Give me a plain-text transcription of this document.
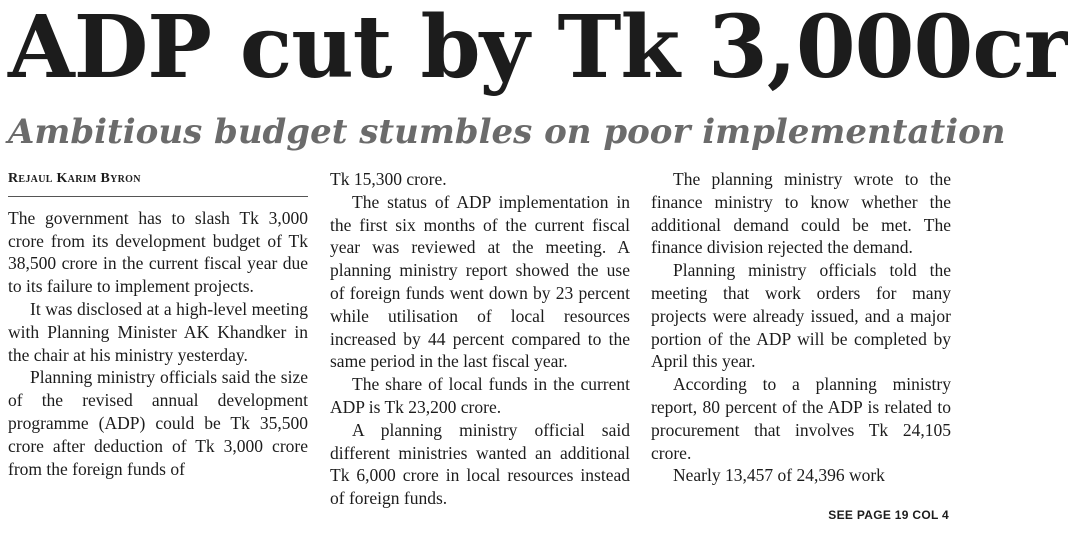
ADP cut by Tk 3,000cr
Ambitious budget stumbles on poor implementation
Rejaul Karim Byron

The government has to slash Tk 3,000 crore from its development budget of Tk 38,500 crore in the current fiscal year due to its failure to implement projects.

It was disclosed at a high-level meeting with Planning Minister AK Khandker in the chair at his ministry yesterday.

Planning ministry officials said the size of the revised annual development programme (ADP) could be Tk 35,500 crore after deduction of Tk 3,000 crore from the foreign funds of

Tk 15,300 crore.

The status of ADP implementation in the first six months of the current fiscal year was reviewed at the meeting. A planning ministry report showed the use of foreign funds went down by 23 percent while utilisation of local resources increased by 44 percent compared to the same period in the last fiscal year.

The share of local funds in the current ADP is Tk 23,200 crore.

A planning ministry official said different ministries wanted an additional Tk 6,000 crore in local resources instead of foreign funds.

The planning ministry wrote to the finance ministry to know whether the additional demand could be met. The finance division rejected the demand.

Planning ministry officials told the meeting that work orders for many projects were already issued, and a major portion of the ADP will be completed by April this year.

According to a planning ministry report, 80 percent of the ADP is related to procurement that involves Tk 24,105 crore.

Nearly 13,457 of 24,396 work

SEE PAGE 19 COL 4
